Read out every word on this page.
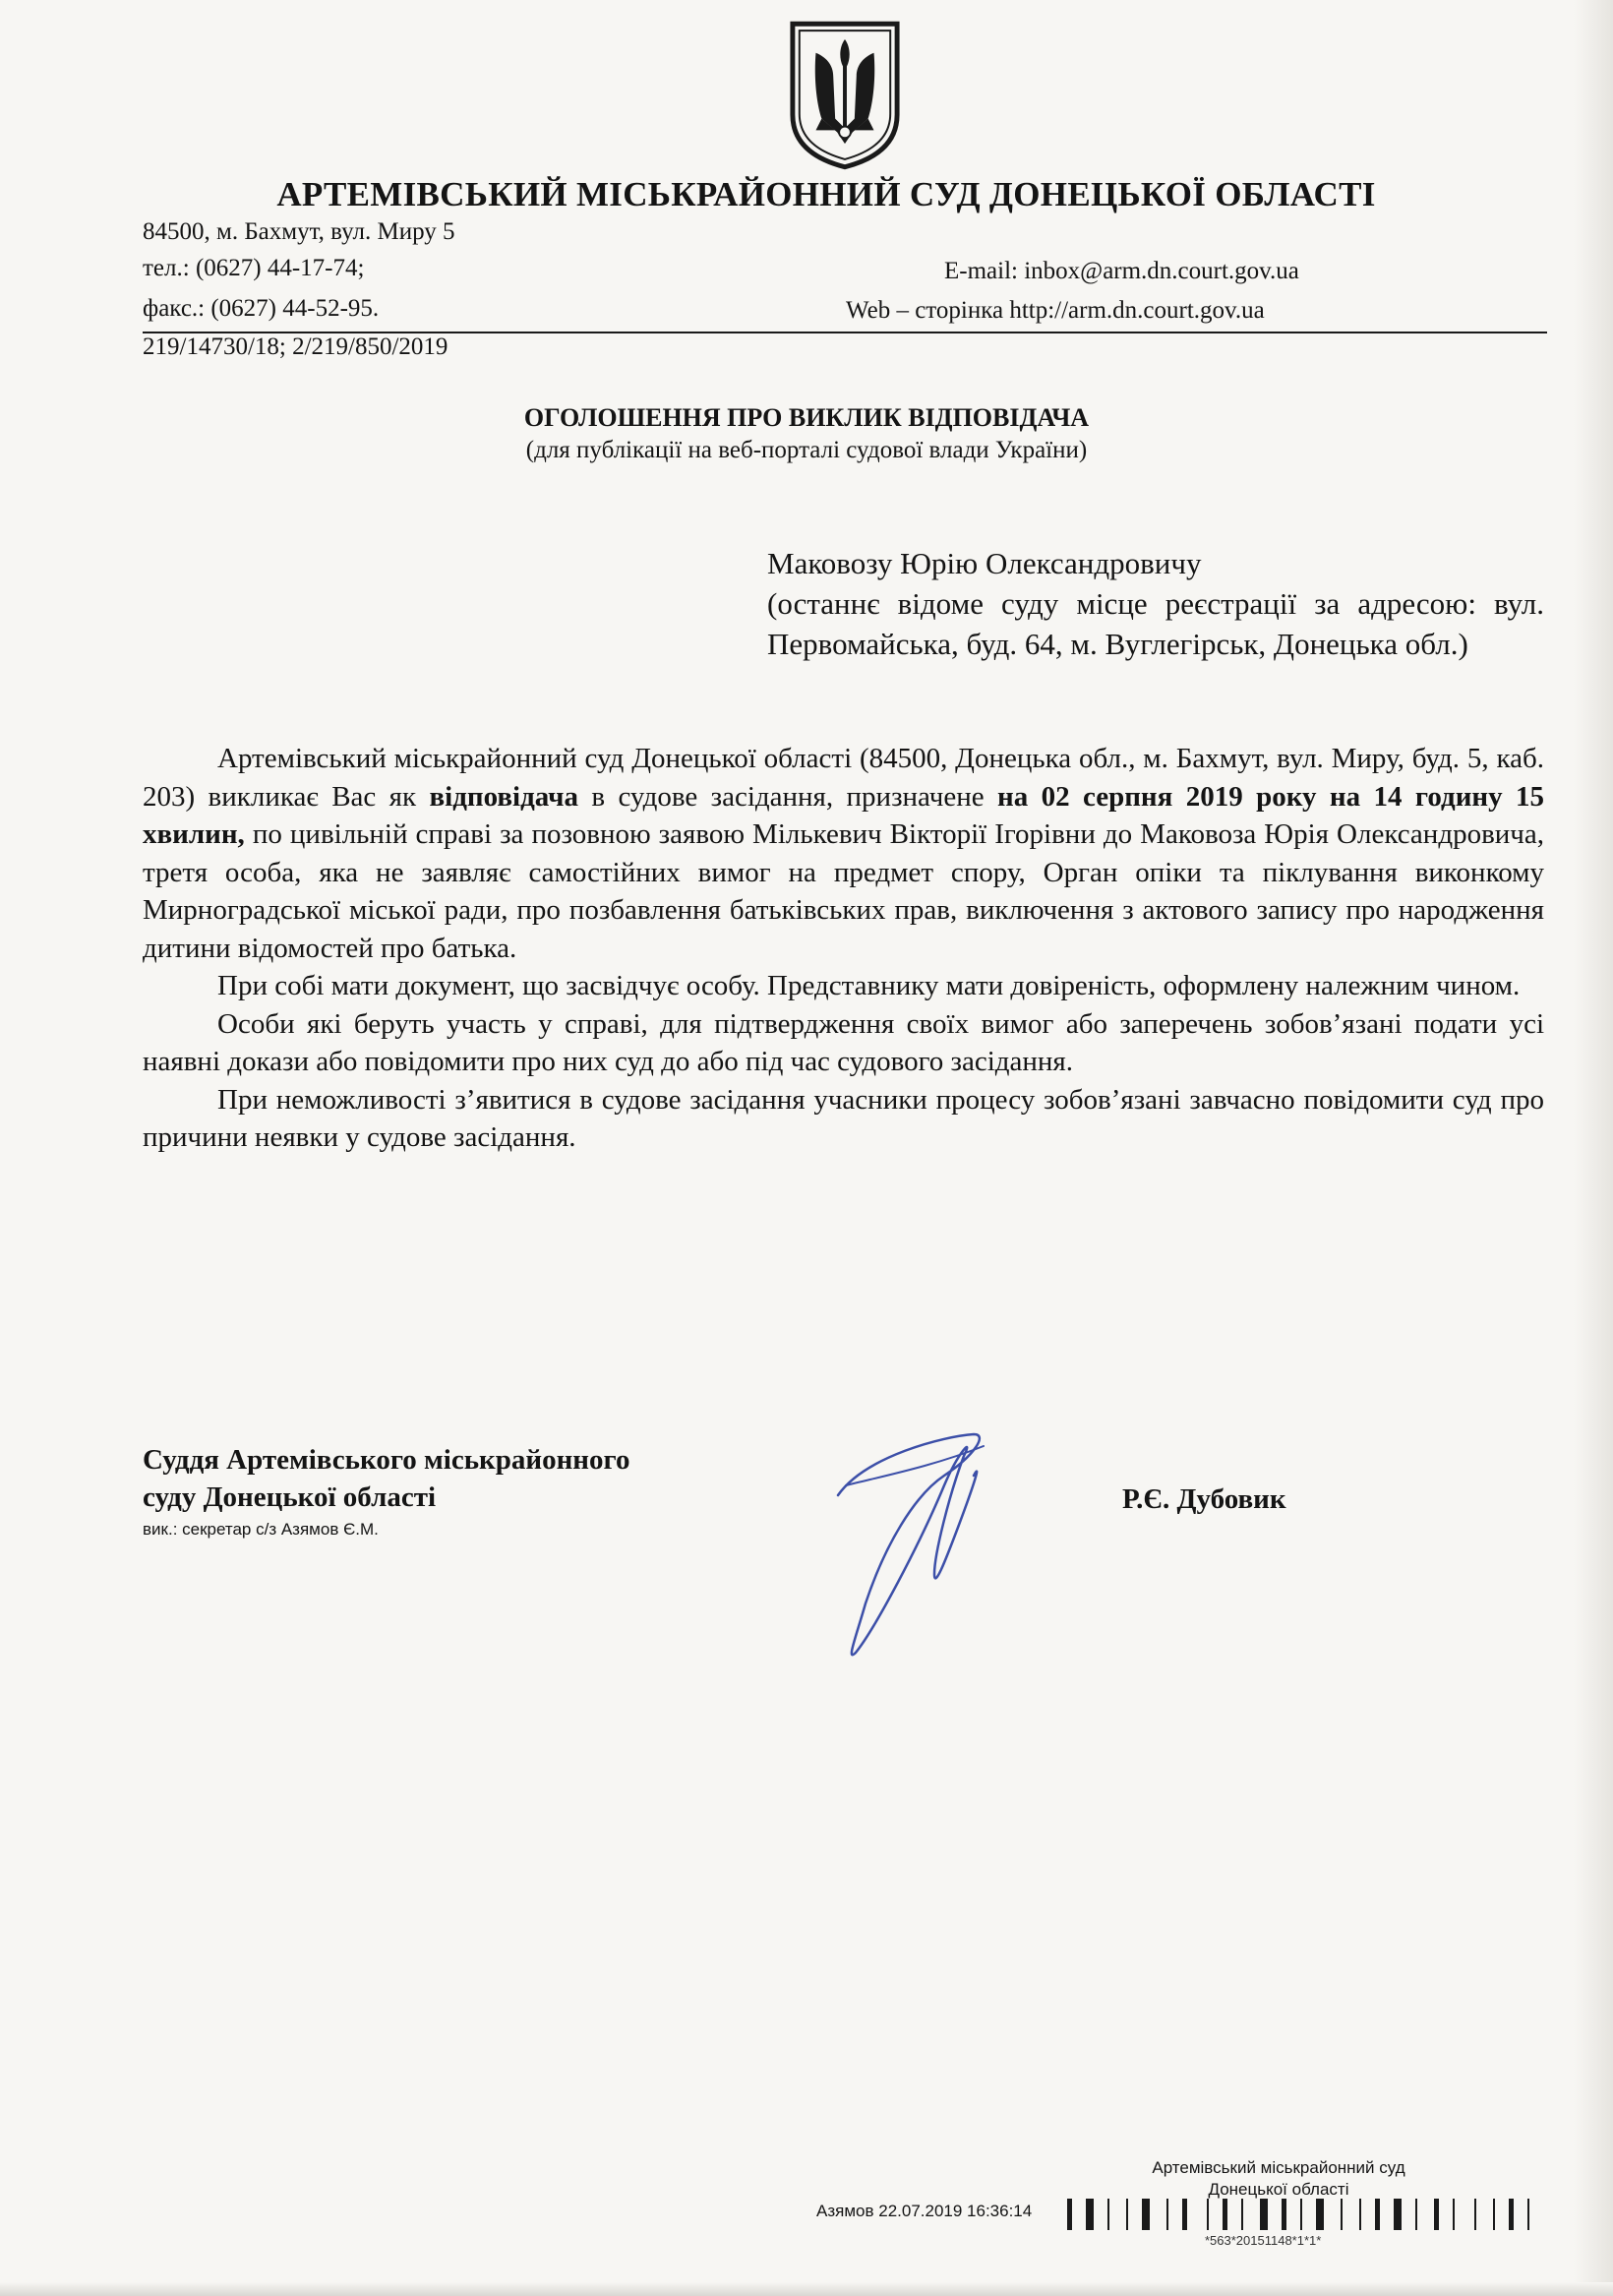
АРТЕМІВСЬКИЙ МІСЬКРАЙОННИЙ СУД ДОНЕЦЬКОЇ ОБЛАСТІ
84500, м. Бахмут, вул. Миру 5
тел.: (0627) 44-17-74;
факс.: (0627) 44-52-95.
E-mail: inbox@arm.dn.court.gov.ua
Web – сторінка http://arm.dn.court.gov.ua
219/14730/18; 2/219/850/2019
ОГОЛОШЕННЯ ПРО ВИКЛИК ВІДПОВІДАЧА
(для публікації на веб-порталі судової влади України)
Маковозу Юрію Олександровичу
(останнє відоме суду місце реєстрації за адресою: вул. Первомайська, буд. 64, м. Вуглегірськ, Донецька обл.)

Артемівський міськрайонний суд Донецької області (84500, Донецька обл., м. Бахмут, вул. Миру, буд. 5, каб. 203) викликає Вас як відповідача в судове засідання, призначене на 02 серпня 2019 року на 14 годину 15 хвилин, по цивільній справі за позовною заявою Мількевич Вікторії Ігорівни до Маковоза Юрія Олександровича, третя особа, яка не заявляє самостійних вимог на предмет спору, Орган опіки та піклування виконкому Мирноградської міської ради, про позбавлення батьківських прав, виключення з актового запису про народження дитини відомостей про батька.

При собі мати документ, що засвідчує особу. Представнику мати довіреність, оформлену належним чином.

Особи які беруть участь у справі, для підтвердження своїх вимог або заперечень зобов’язані подати усі наявні докази або повідомити про них суд до або під час судового засідання.

При неможливості з’явитися в судове засідання учасники процесу зобов’язані завчасно повідомити суд про причини неявки у судове засідання.

Суддя Артемівського міськрайонного
суду Донецької області
вик.: секретар с/з Азямов Є.М.
Р.Є. Дубовик
Артемівський міськрайонний суд
Донецької області
Азямов 22.07.2019 16:36:14
*563*20151148*1*1*
